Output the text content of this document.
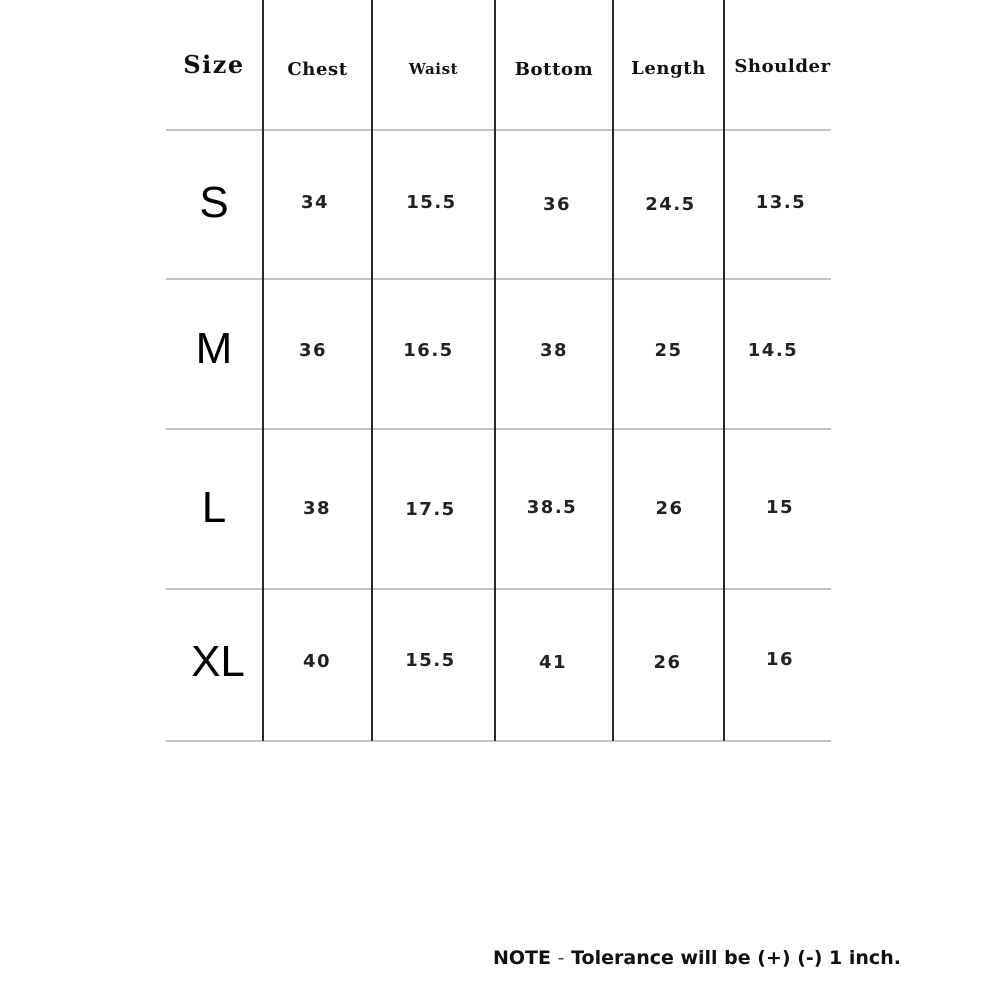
Size	Chest	Waist	Bottom	Length	Shoulder
S	34	15.5	36	24.5	13.5
M	36	16.5	38	25	14.5
L	38	17.5	38.5	26	15
XL	40	15.5	41	26	16
NOTE - Tolerance will be (+) (-) 1 inch.
